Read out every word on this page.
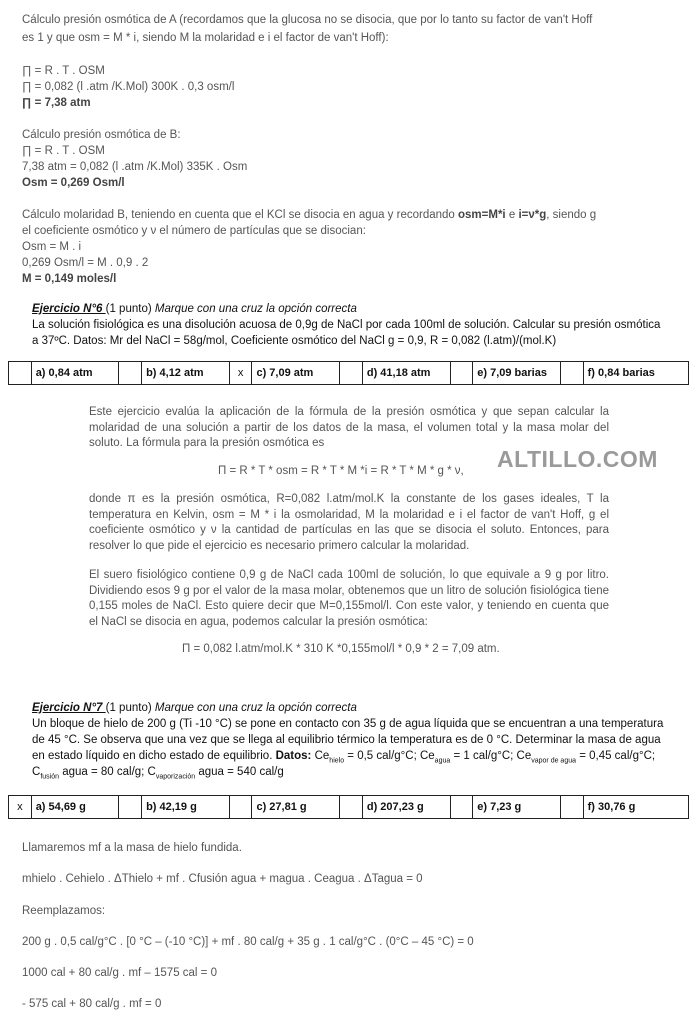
Cálculo presión osmótica de A (recordamos que la glucosa no se disocia, que por lo tanto su factor de van't Hoff
es 1 y que osm = M * i, siendo M la molaridad e i el factor de van't Hoff):
∏ = R . T . OSM
∏ = 0,082 (l .atm /K.Mol) 300K . 0,3 osm/l
∏ = 7,38 atm
Cálculo presión osmótica de B:
∏ = R . T . OSM
7,38 atm = 0,082 (l .atm /K.Mol) 335K . Osm
Osm = 0,269 Osm/l
Cálculo molaridad B, teniendo en cuenta que el KCl se disocia en agua y recordando osm=M*i e i=ν*g, siendo g
el coeficiente osmótico y ν el número de partículas que se disocian:
Osm = M . i
0,269 Osm/l = M . 0,9 . 2
M = 0,149 moles/l
Ejercicio N°6 (1 punto) Marque con una cruz la opción correcta
La solución fisiológica es una disolución acuosa de 0,9g de NaCl por cada 100ml de solución. Calcular su presión osmótica
a 37ºC. Datos: Mr del NaCl = 58g/mol, Coeficiente osmótico del NaCl g = 0,9, R = 0,082 (l.atm)/(mol.K)
	a) 0,84 atm		b) 4,12 atm	x	c) 7,09 atm		d) 41,18 atm		e) 7,09 barias		f) 0,84 barias
Este ejercicio evalúa la aplicación de la fórmula de la presión osmótica y que sepan calcular la molaridad de una solución a partir de los datos de la masa, el volumen total y la masa molar del soluto. La fórmula para la presión osmótica es
Π = R * T * osm = R * T * M *i = R * T * M * g * ν, ALTILLO.COM
donde π es la presión osmótica, R=0,082 l.atm/mol.K la constante de los gases ideales, T la temperatura en Kelvin, osm = M * i la osmolaridad, M la molaridad e i el factor de van't Hoff, g el coeficiente osmótico y ν la cantidad de partículas en las que se disocia el soluto. Entonces, para resolver lo que pide el ejercicio es necesario primero calcular la molaridad.
El suero fisiológico contiene 0,9 g de NaCl cada 100ml de solución, lo que equivale a 9 g por litro. Dividiendo esos 9 g por el valor de la masa molar, obtenemos que un litro de solución fisiológica tiene 0,155 moles de NaCl. Esto quiere decir que M=0,155mol/l. Con este valor, y teniendo en cuenta que el NaCl se disocia en agua, podemos calcular la presión osmótica:
Π = 0,082 l.atm/mol.K * 310 K *0,155mol/l * 0,9 * 2 = 7,09 atm.
Ejercicio N°7 (1 punto) Marque con una cruz la opción correcta
Un bloque de hielo de 200 g (Ti -10 °C) se pone en contacto con 35 g de agua líquida que se encuentran a una temperatura
de 45 °C. Se observa que una vez que se llega al equilibrio térmico la temperatura es de 0 °C. Determinar la masa de agua
en estado líquido en dicho estado de equilibrio. Datos: $Ce_{hielo} = 0,5$ cal/g°C; $Ce_{agua} = 1$ cal/g°C; $Ce_{vapor de agua} = 0,45$ cal/g°C;
$C_{fusión}$ agua = 80 cal/g; $C_{vaporización}$ agua = 540 cal/g
x	a) 54,69 g		b) 42,19 g		c) 27,81 g		d) 207,23 g		e) 7,23 g		f) 30,76 g
Llamaremos mf a la masa de hielo fundida.
mhielo . Cehielo . ΔThielo + mf . Cfusión agua + magua . Ceagua . ΔTagua = 0
Reemplazamos:
200 g . 0,5 cal/g°C . [0 °C – (-10 °C)] + mf . 80 cal/g + 35 g . 1 cal/g°C . (0°C – 45 °C) = 0
1000 cal + 80 cal/g . mf – 1575 cal = 0
- 575 cal + 80 cal/g . mf = 0
